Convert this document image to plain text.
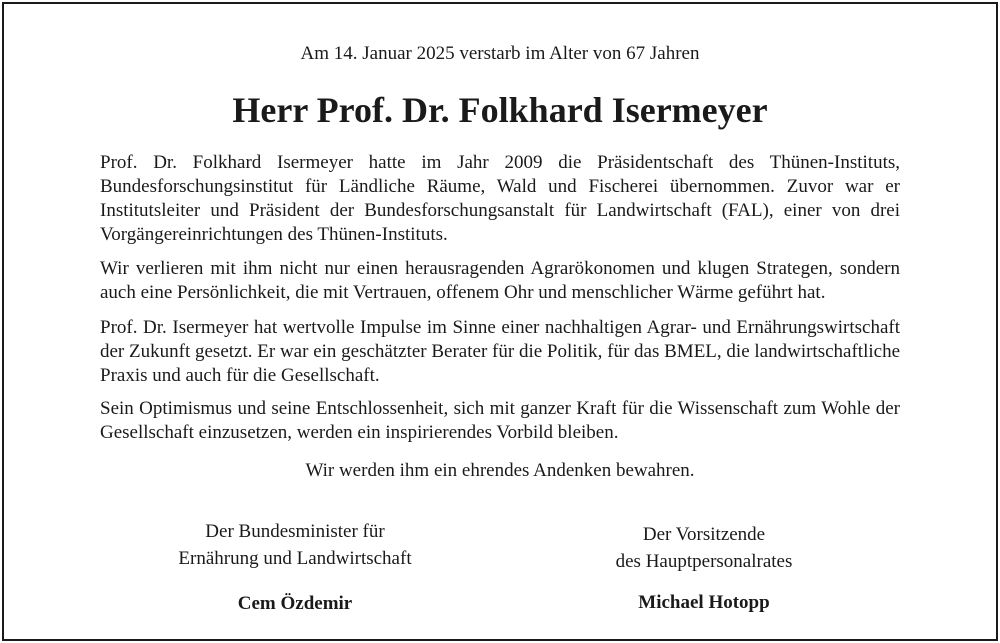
Am 14. Januar 2025 verstarb im Alter von 67 Jahren
Herr Prof. Dr. Folkhard Isermeyer

Prof. Dr. Folkhard Isermeyer hatte im Jahr 2009 die Präsidentschaft des Thünen-Instituts, Bundesforschungsinstitut für Ländliche Räume, Wald und Fischerei übernommen. Zuvor war er Institutsleiter und Präsident der Bundesforschungsanstalt für Landwirtschaft (FAL), einer von drei Vorgängereinrichtungen des Thünen-Instituts.

Wir verlieren mit ihm nicht nur einen herausragenden Agrarökonomen und klugen Strategen, sondern auch eine Persönlichkeit, die mit Vertrauen, offenem Ohr und menschlicher Wärme geführt hat.

Prof. Dr. Isermeyer hat wertvolle Impulse im Sinne einer nachhaltigen Agrar- und Ernährungswirtschaft der Zukunft gesetzt. Er war ein geschätzter Berater für die Politik, für das BMEL, die landwirtschaftliche Praxis und auch für die Gesellschaft.

Sein Optimismus und seine Entschlossenheit, sich mit ganzer Kraft für die Wissenschaft zum Wohle der Gesellschaft einzusetzen, werden ein inspirierendes Vorbild bleiben.

Wir werden ihm ein ehrendes Andenken bewahren.
Der Bundesminister für
Ernährung und Landwirtschaft
Cem Özdemir
Der Vorsitzende
des Hauptpersonalrates
Michael Hotopp
